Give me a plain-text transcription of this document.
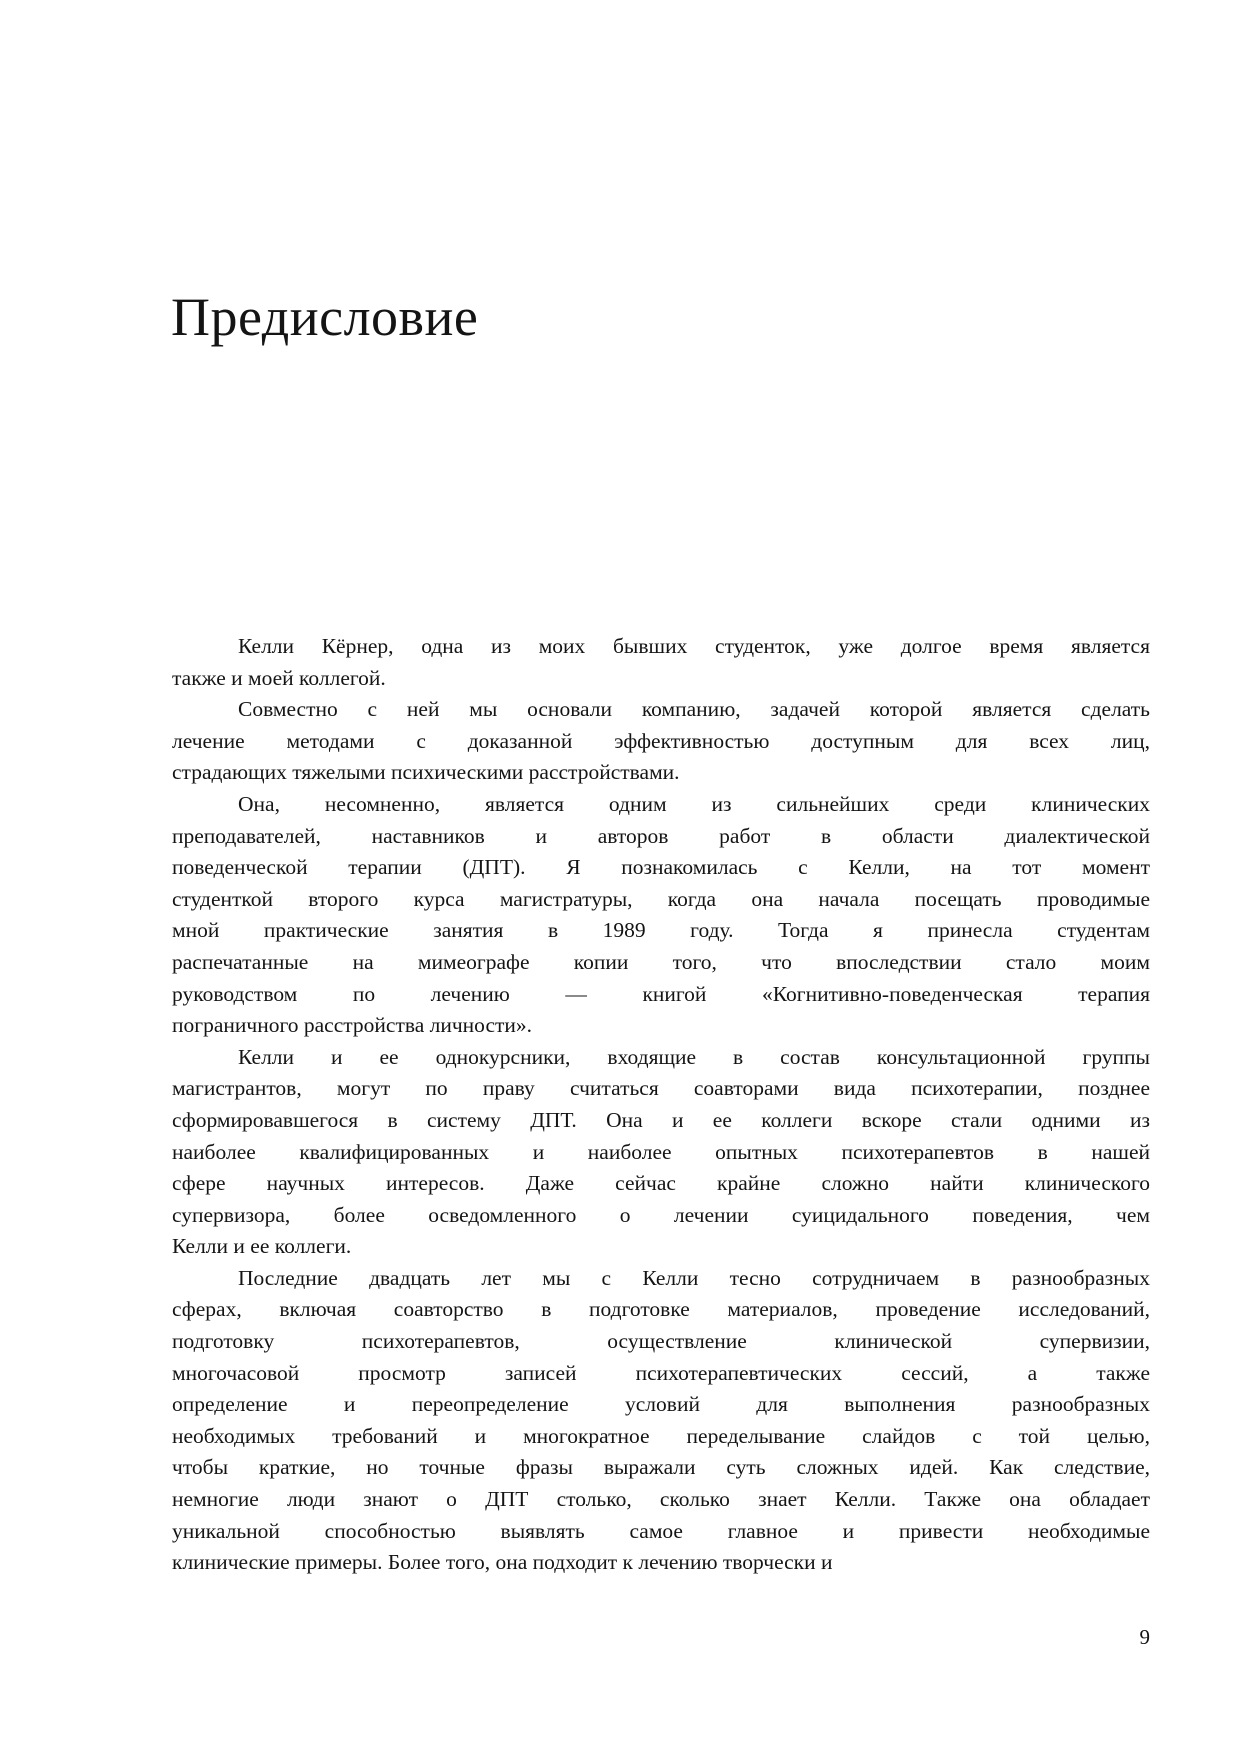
Предисловие
Келли Кёрнер, одна из моих бывших студенток, уже долгое время является
также и моей коллегой.
Совместно с ней мы основали компанию, задачей которой является сделать
лечение методами с доказанной эффективностью доступным для всех лиц,
страдающих тяжелыми психическими расстройствами.
Она, несомненно, является одним из сильнейших среди клинических
преподавателей, наставников и авторов работ в области диалектической
поведенческой терапии (ДПТ). Я познакомилась с Келли, на тот момент
студенткой второго курса магистратуры, когда она начала посещать проводимые
мной практические занятия в 1989 году. Тогда я принесла студентам
распечатанные на мимеографе копии того, что впоследствии стало моим
руководством по лечению — книгой «Когнитивно-поведенческая терапия
пограничного расстройства личности».
Келли и ее однокурсники, входящие в состав консультационной группы
магистрантов, могут по праву считаться соавторами вида психотерапии, позднее
сформировавшегося в систему ДПТ. Она и ее коллеги вскоре стали одними из
наиболее квалифицированных и наиболее опытных психотерапевтов в нашей
сфере научных интересов. Даже сейчас крайне сложно найти клинического
супервизора, более осведомленного о лечении суицидального поведения, чем
Келли и ее коллеги.
Последние двадцать лет мы с Келли тесно сотрудничаем в разнообразных
сферах, включая соавторство в подготовке материалов, проведение исследований,
подготовку психотерапевтов, осуществление клинической супервизии,
многочасовой просмотр записей психотерапевтических сессий, а также
определение и переопределение условий для выполнения разнообразных
необходимых требований и многократное переделывание слайдов с той целью,
чтобы краткие, но точные фразы выражали суть сложных идей. Как следствие,
немногие люди знают о ДПТ столько, сколько знает Келли. Также она обладает
уникальной способностью выявлять самое главное и привести необходимые
клинические примеры. Более того, она подходит к лечению творчески и
9
